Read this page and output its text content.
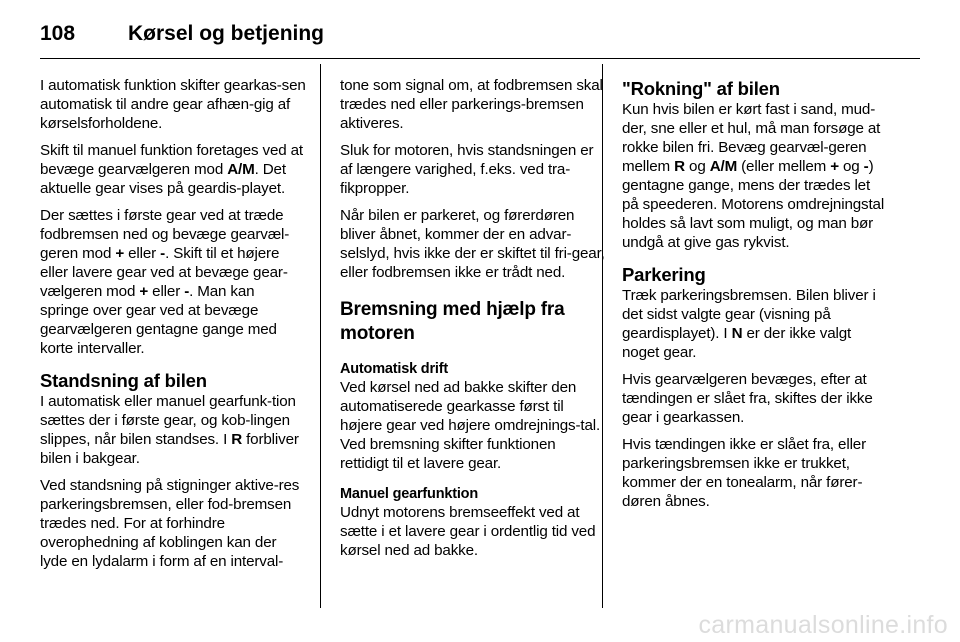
108	Kørsel og betjening

I automatisk funktion skifter gearkas-sen automatisk til andre gear afhæn-gig af kørselsforholdene.

Skift til manuel funktion foretages ved at bevæge gearvælgeren mod A/M. Det aktuelle gear vises på geardis-playet.

Der sættes i første gear ved at træde fodbremsen ned og bevæge gearvæl-geren mod + eller -. Skift til et højere eller lavere gear ved at bevæge gear-vælgeren mod + eller -. Man kan springe over gear ved at bevæge gearvælgeren gentagne gange med korte intervaller.

Standsning af bilen

I automatisk eller manuel gearfunk-tion sættes der i første gear, og kob-lingen slippes, når bilen standses. I R forbliver bilen i bakgear.

Ved standsning på stigninger aktive-res parkeringsbremsen, eller fod-bremsen trædes ned. For at forhindre overophedning af koblingen kan der lyde en lydalarm i form af en interval-

tone som signal om, at fodbremsen skal trædes ned eller parkerings-bremsen aktiveres.

Sluk for motoren, hvis standsningen er af længere varighed, f.eks. ved tra-fikpropper.

Når bilen er parkeret, og førerdøren bliver åbnet, kommer der en advar-selslyd, hvis ikke der er skiftet til fri-gear, eller fodbremsen ikke er trådt ned.

Bremsning med hjælp fra motoren
Automatisk drift

Ved kørsel ned ad bakke skifter den automatiserede gearkasse først til højere gear ved højere omdrejnings-tal. Ved bremsning skifter funktionen rettidigt til et lavere gear.

Manuel gearfunktion

Udnyt motorens bremseeffekt ved at sætte i et lavere gear i ordentlig tid ved kørsel ned ad bakke.

"Rokning" af bilen

Kun hvis bilen er kørt fast i sand, mud-der, sne eller et hul, må man forsøge at rokke bilen fri. Bevæg gearvæl-geren mellem R og A/M (eller mellem + og -) gentagne gange, mens der trædes let på speederen. Motorens omdrejningstal holdes så lavt som muligt, og man bør undgå at give gas rykvist.

Parkering

Træk parkeringsbremsen. Bilen bliver i det sidst valgte gear (visning på geardisplayet). I N er der ikke valgt noget gear.

Hvis gearvælgeren bevæges, efter at tændingen er slået fra, skiftes der ikke gear i gearkassen.

Hvis tændingen ikke er slået fra, eller parkeringsbremsen ikke er trukket, kommer der en tonealarm, når fører-døren åbnes.

carmanualsonline.info
